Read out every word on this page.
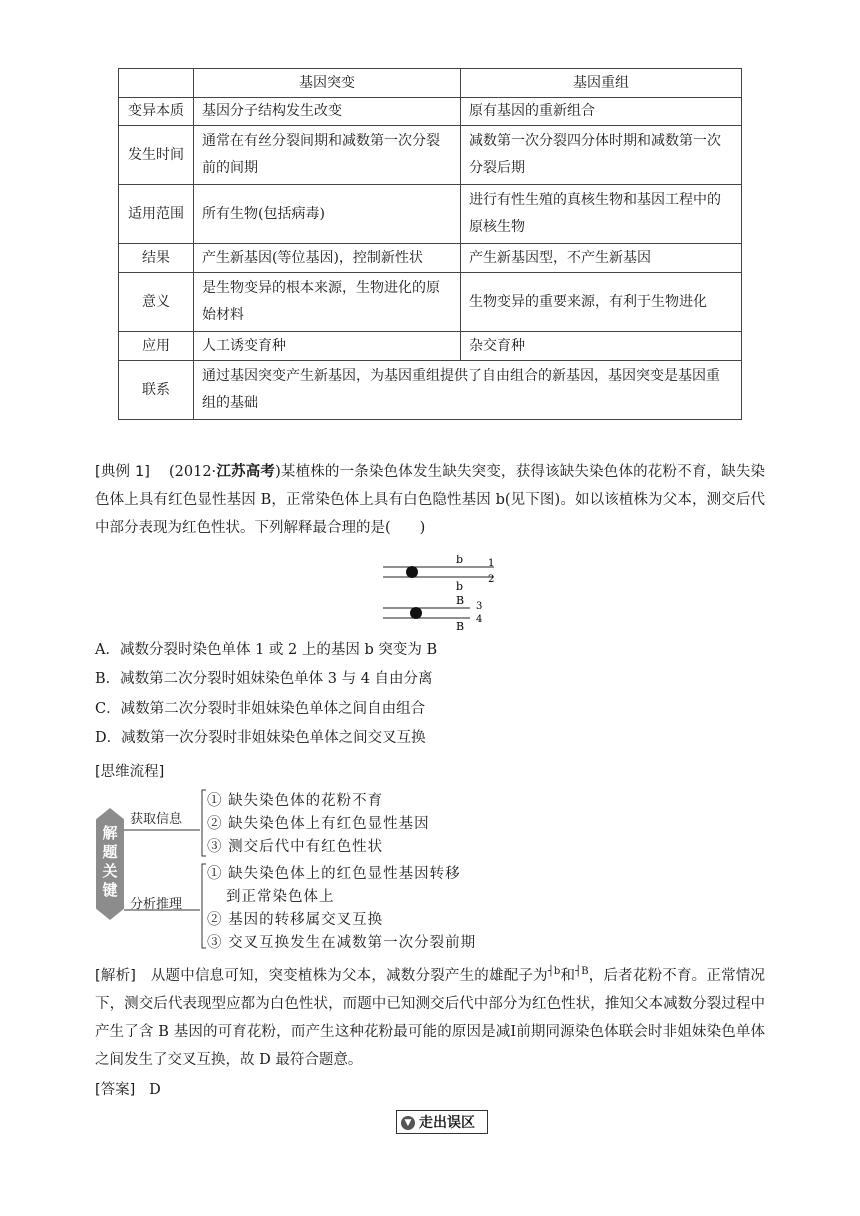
	基因突变	基因重组
变异本质	基因分子结构发生改变	原有基因的重新组合
发生时间	通常在有丝分裂间期和减数第一次分裂前的间期	减数第一次分裂四分体时期和减数第一次分裂后期
适用范围	所有生物(包括病毒)	进行有性生殖的真核生物和基因工程中的原核生物
结果	产生新基因(等位基因)，控制新性状	产生新基因型，不产生新基因
意义	是生物变异的根本来源，生物进化的原始材料	生物变异的重要来源，有利于生物进化
应用	人工诱变育种	杂交育种
联系	通过基因突变产生新基因，为基因重组提供了自由组合的新基因，基因突变是基因重组的基础	
[典例 1] (2012·江苏高考)某植株的一条染色体发生缺失突变，获得该缺失染色体的花粉不育，缺失染色体上具有红色显性基因 B，正常染色体上具有白色隐性基因 b(见下图)。如以该植株为父本，测交后代中部分表现为红色性状。下列解释最合理的是(　　)
b
b
B
B
1
2
3
4
A．减数分裂时染色单体 1 或 2 上的基因 b 突变为 B
B．减数第二次分裂时姐妹染色单体 3 与 4 自由分离
C．减数第二次分裂时非姐妹染色单体之间自由组合
D．减数第一次分裂时非姐妹染色单体之间交叉互换
[思维流程]
解题关键
获取信息
分析推理
① 缺失染色体的花粉不育
② 缺失染色体上有红色显性基因
③ 测交后代中有红色性状
① 缺失染色体上的红色显性基因转移
到正常染色体上
② 基因的转移属交叉互换
③ 交叉互换发生在减数第一次分裂前期
[解析]　从题中信息可知，突变植株为父本，减数分裂产生的雄配子为$^{┤b}$和$^{┤B}$，后者花粉不育。正常情况下，测交后代表现型应都为白色性状，而题中已知测交后代中部分为红色性状，推知父本减数分裂过程中产生了含 B 基因的可育花粉，而产生这种花粉最可能的原因是减Ⅰ前期同源染色体联会时非姐妹染色单体之间发生了交叉互换，故 D 最符合题意。
[答案] D
▼ 走出误区
